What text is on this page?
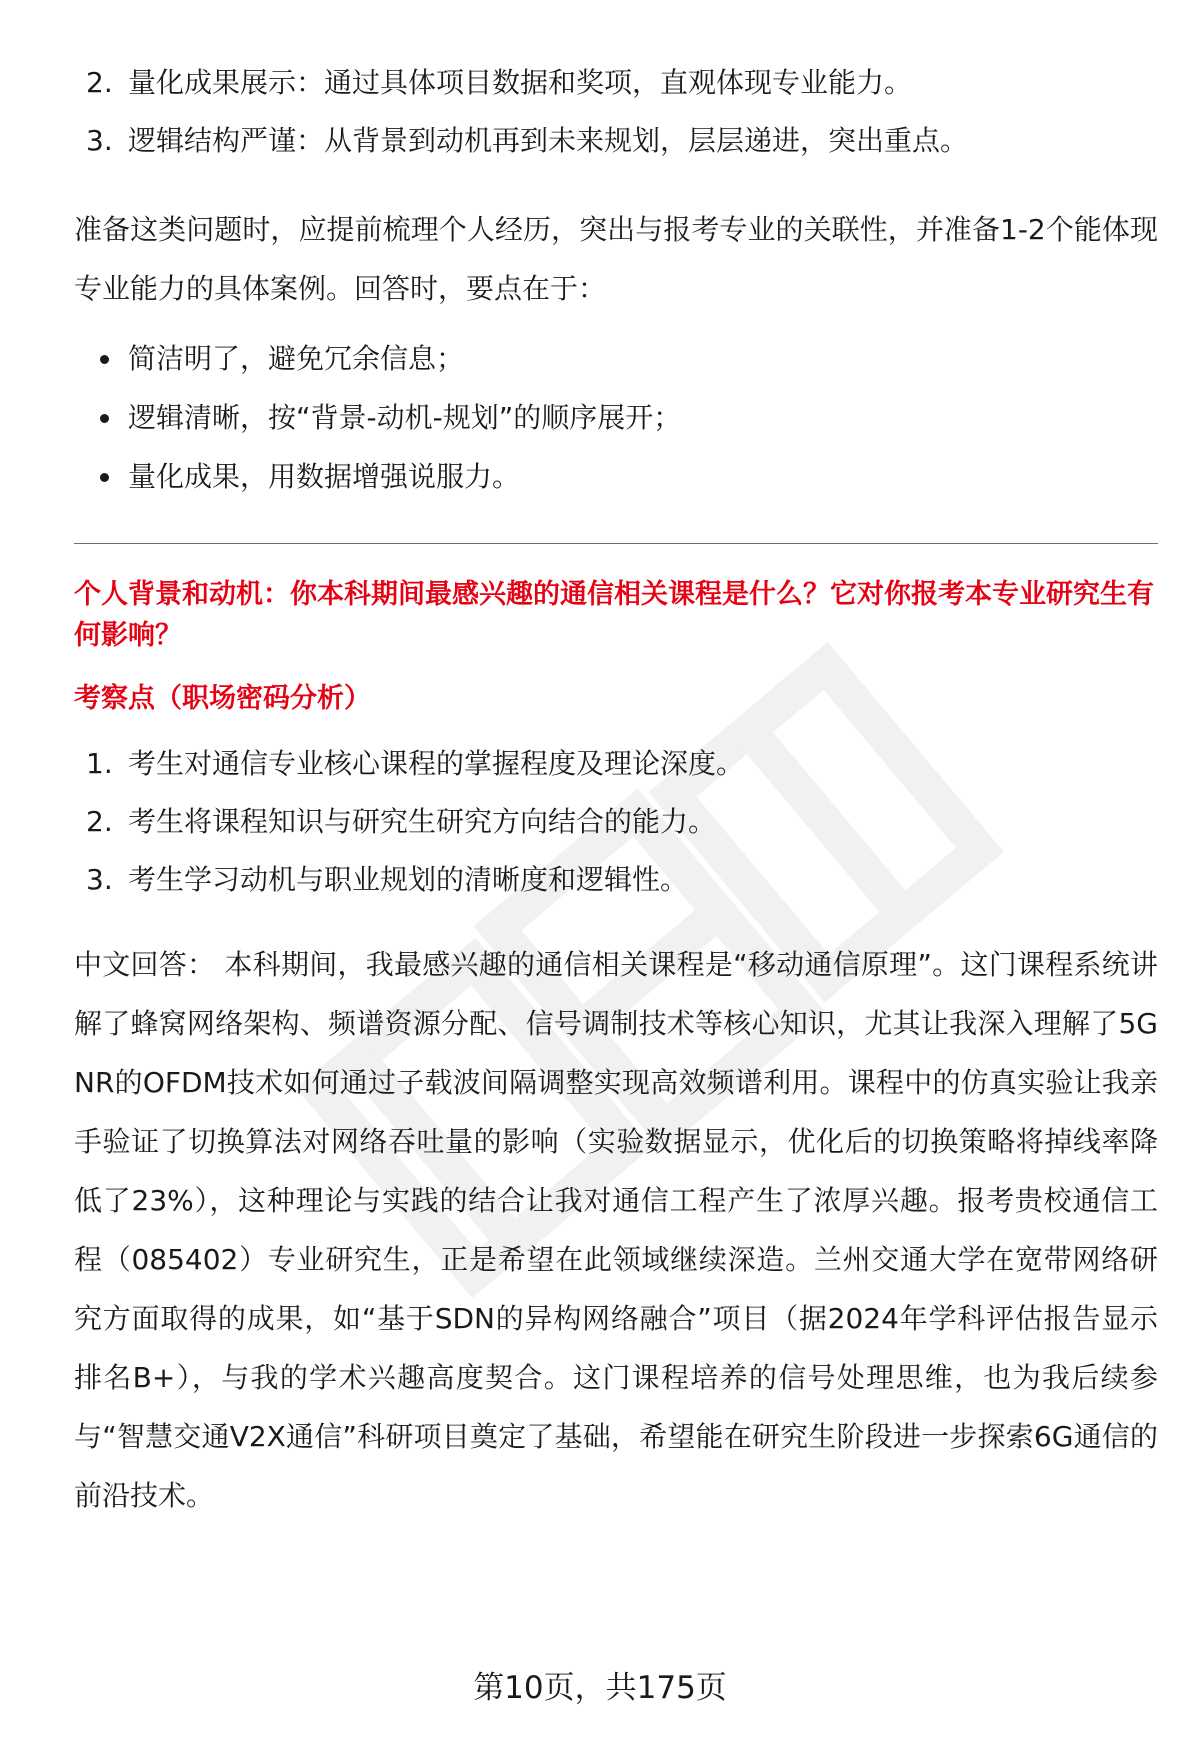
2. 量化成果展示：通过具体项目数据和奖项，直观体现专业能力。
3. 逻辑结构严谨：从背景到动机再到未来规划，层层递进，突出重点。

准备这类问题时，应提前梳理个人经历，突出与报考专业的关联性，并准备1-2个能体现专业能力的具体案例。回答时，要点在于：

简洁明了，避免冗余信息；
逻辑清晰，按“背景-动机-规划”的顺序展开；
量化成果，用数据增强说服力。

个人背景和动机：你本科期间最感兴趣的通信相关课程是什么？它对你报考本专业研究生有何影响？

考察点（职场密码分析）

1. 考生对通信专业核心课程的掌握程度及理论深度。
2. 考生将课程知识与研究生研究方向结合的能力。
3. 考生学习动机与职业规划的清晰度和逻辑性。

中文回答： 本科期间，我最感兴趣的通信相关课程是“移动通信原理”。这门课程系统讲解了蜂窝网络架构、频谱资源分配、信号调制技术等核心知识，尤其让我深入理解了5G NR的OFDM技术如何通过子载波间隔调整实现高效频谱利用。课程中的仿真实验让我亲手验证了切换算法对网络吞吐量的影响（实验数据显示，优化后的切换策略将掉线率降低了23%），这种理论与实践的结合让我对通信工程产生了浓厚兴趣。报考贵校通信工程（085402）专业研究生，正是希望在此领域继续深造。兰州交通大学在宽带网络研究方面取得的成果，如“基于SDN的异构网络融合”项目（据2024年学科评估报告显示排名B+），与我的学术兴趣高度契合。这门课程培养的信号处理思维，也为我后续参与“智慧交通V2X通信”科研项目奠定了基础，希望能在研究生阶段进一步探索6G通信的前沿技术。

第10页，共175页
